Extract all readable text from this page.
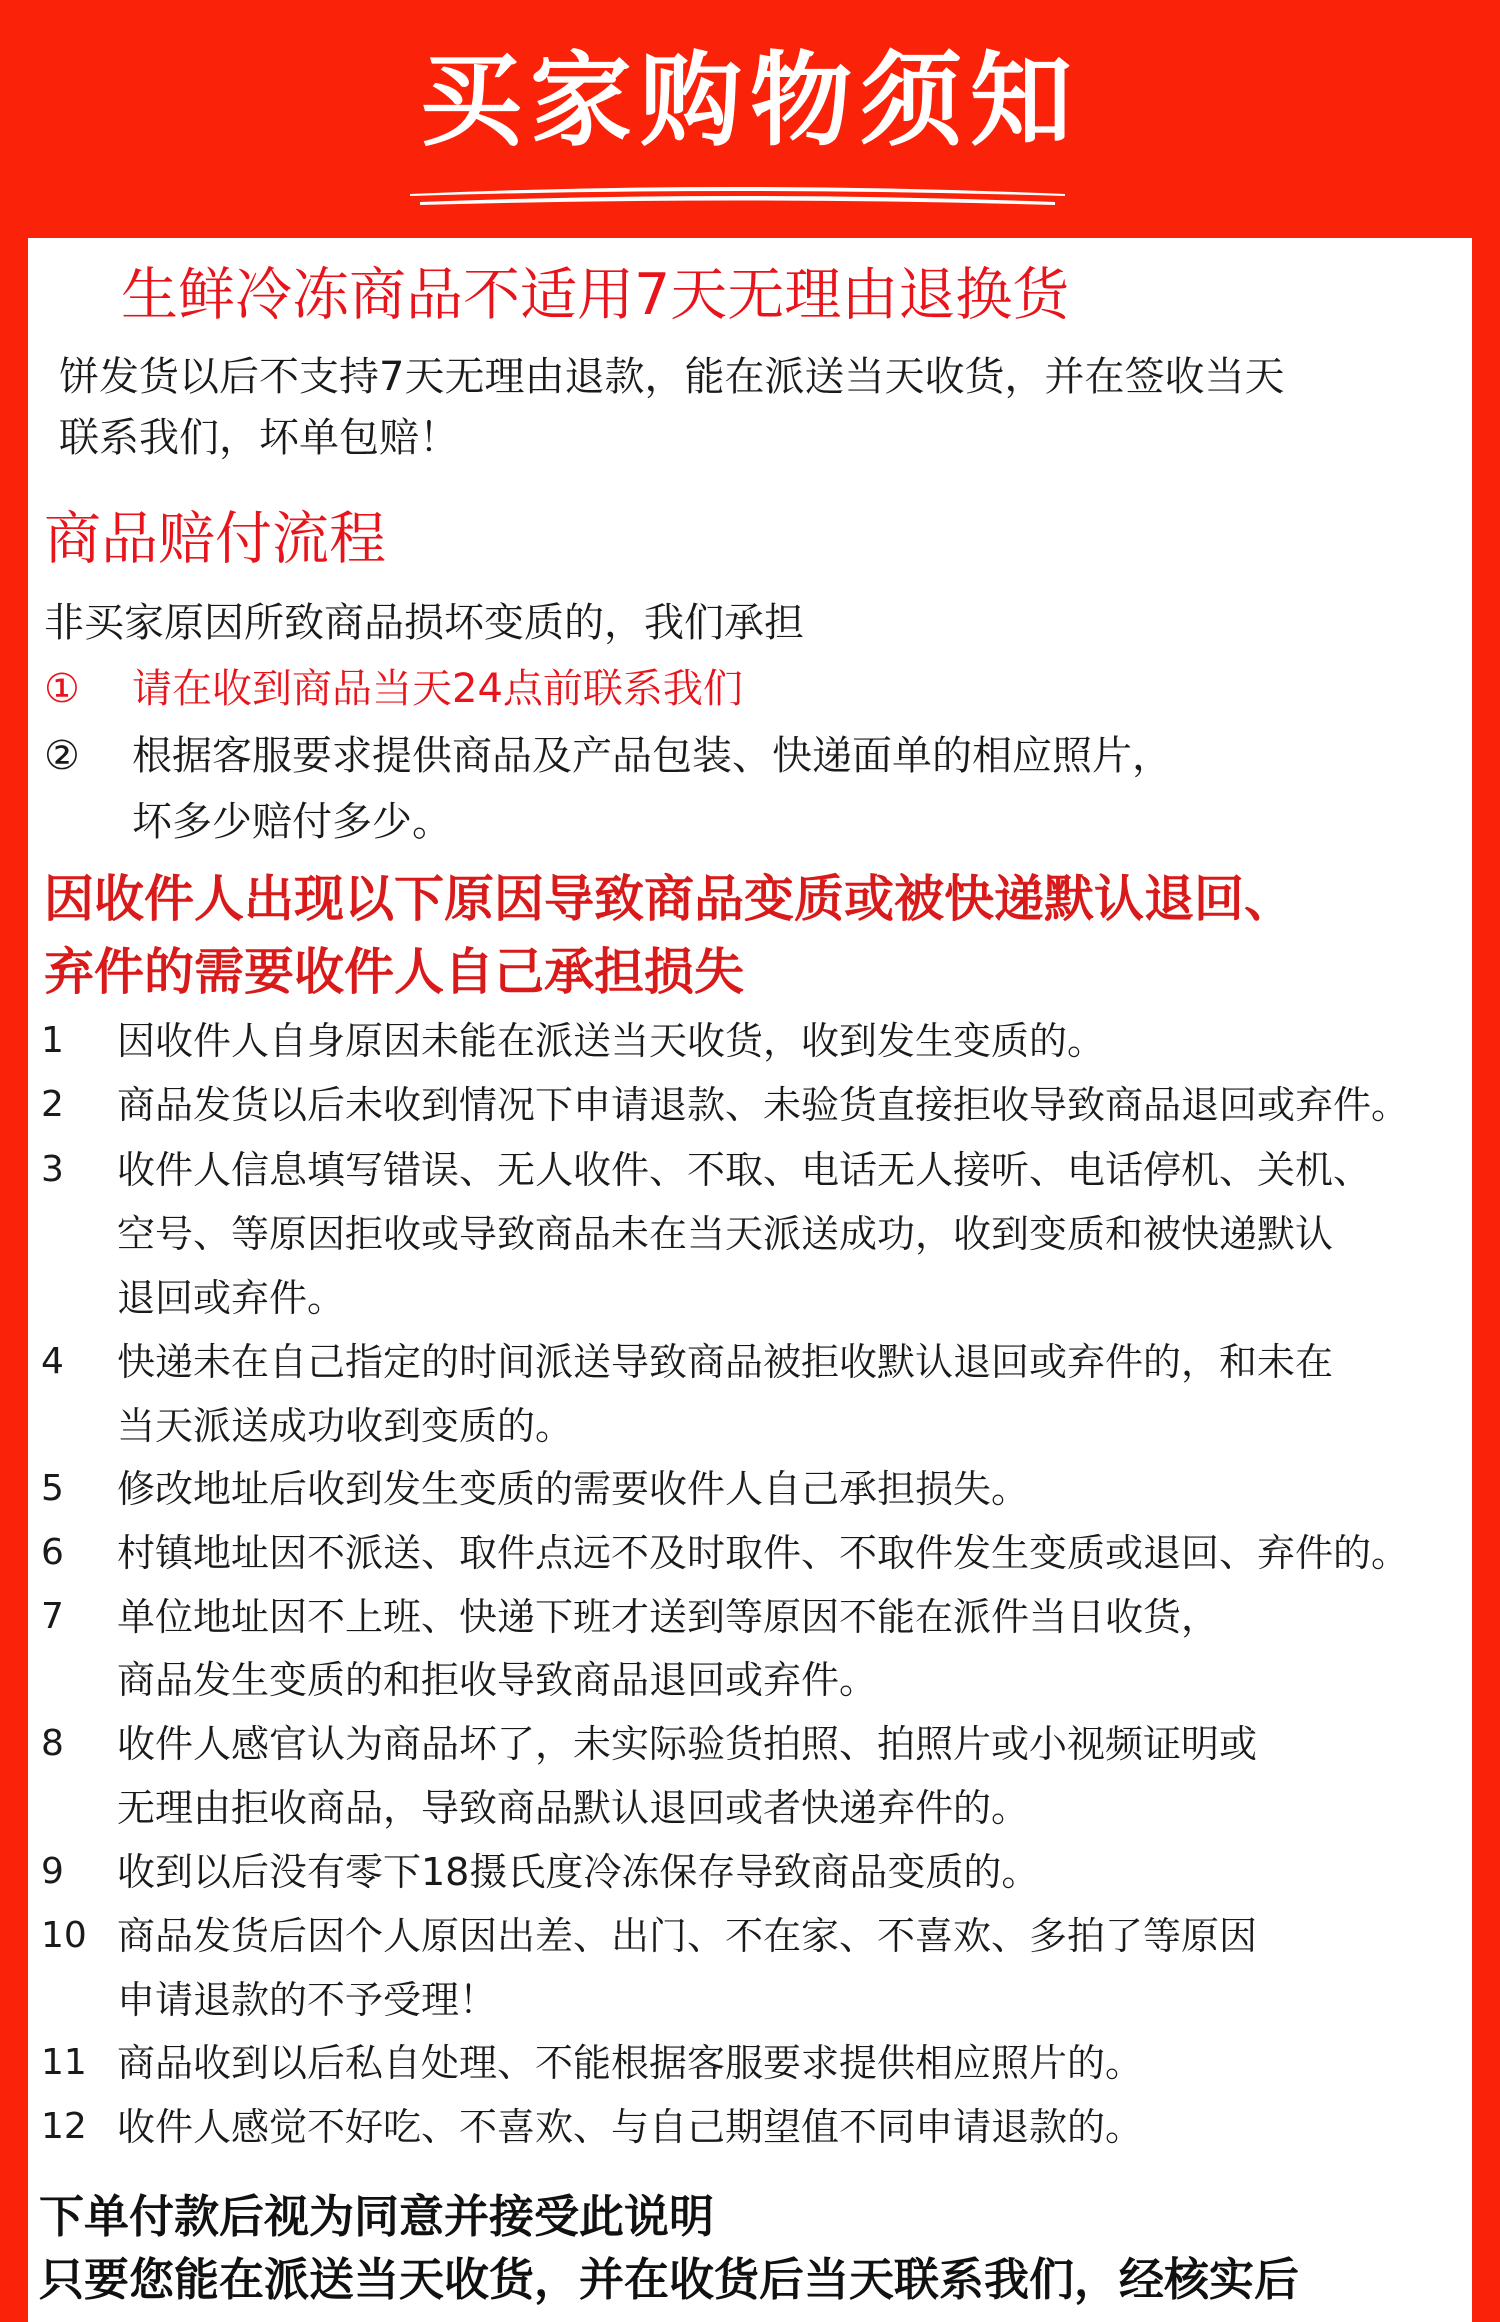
买家购物须知
生鲜冷冻商品不适用7天无理由退换货
饼发货以后不支持7天无理由退款，能在派送当天收货，并在签收当天
联系我们，坏单包赔！
商品赔付流程
非买家原因所致商品损坏变质的，我们承担
① 请在收到商品当天24点前联系我们
② 根据客服要求提供商品及产品包装、快递面单的相应照片，
坏多少赔付多少。
因收件人出现以下原因导致商品变质或被快递默认退回、
弃件的需要收件人自己承担损失
1 因收件人自身原因未能在派送当天收货，收到发生变质的。
2 商品发货以后未收到情况下申请退款、未验货直接拒收导致商品退回或弃件。
3 收件人信息填写错误、无人收件、不取、电话无人接听、电话停机、关机、
空号、等原因拒收或导致商品未在当天派送成功，收到变质和被快递默认
退回或弃件。
4 快递未在自己指定的时间派送导致商品被拒收默认退回或弃件的，和未在
当天派送成功收到变质的。
5 修改地址后收到发生变质的需要收件人自己承担损失。
6 村镇地址因不派送、取件点远不及时取件、不取件发生变质或退回、弃件的。
7 单位地址因不上班、快递下班才送到等原因不能在派件当日收货，
商品发生变质的和拒收导致商品退回或弃件。
8 收件人感官认为商品坏了，未实际验货拍照、拍照片或小视频证明或
无理由拒收商品，导致商品默认退回或者快递弃件的。
9 收到以后没有零下18摄氏度冷冻保存导致商品变质的。
10 商品发货后因个人原因出差、出门、不在家、不喜欢、多拍了等原因
申请退款的不予受理！
11 商品收到以后私自处理、不能根据客服要求提供相应照片的。
12 收件人感觉不好吃、不喜欢、与自己期望值不同申请退款的。
下单付款后视为同意并接受此说明
只要您能在派送当天收货，并在收货后当天联系我们，经核实后
